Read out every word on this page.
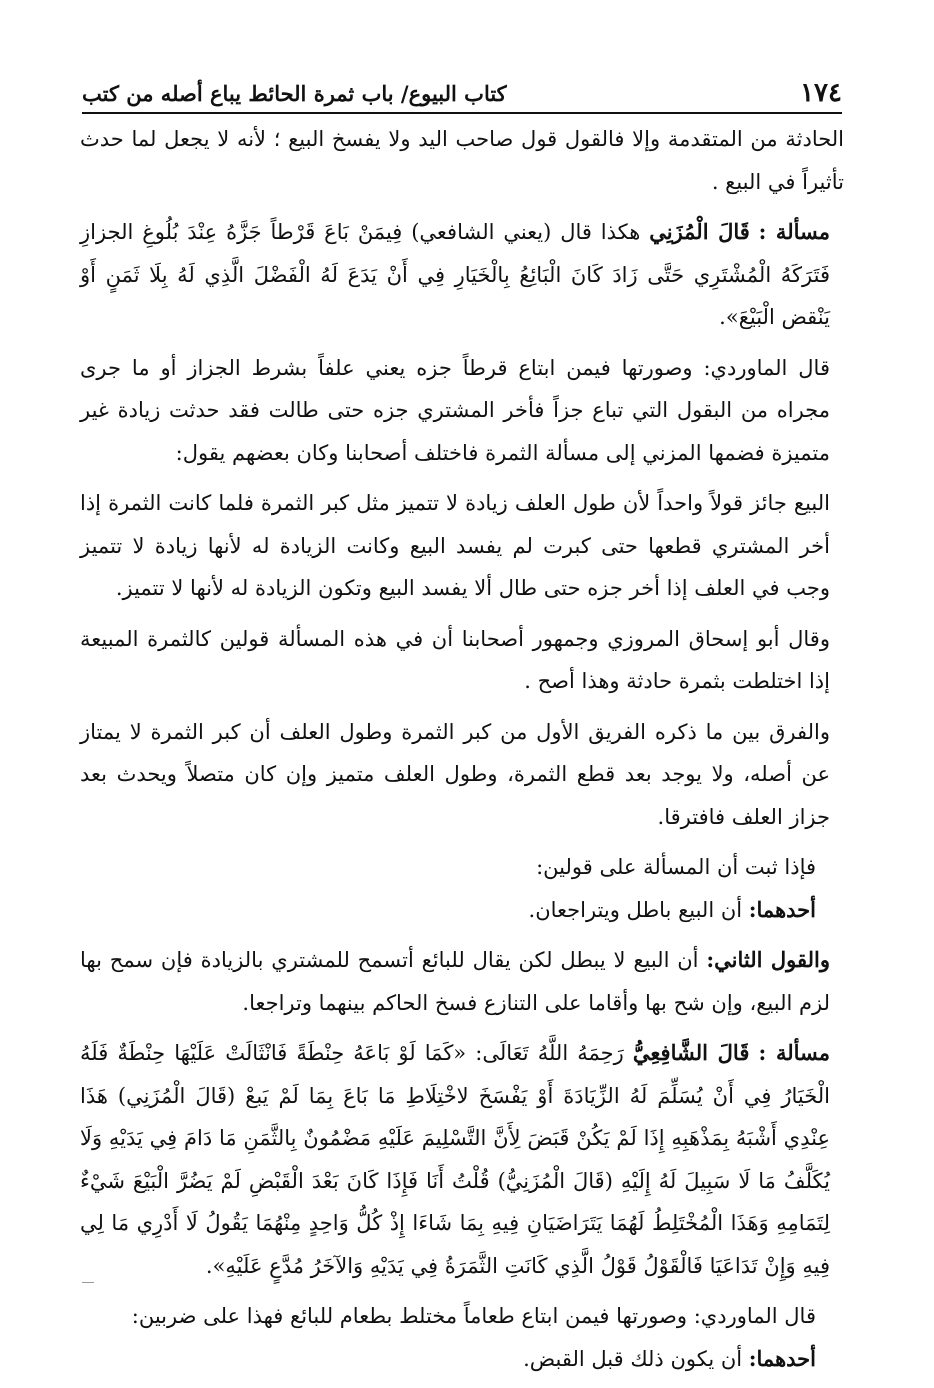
١٧٤
كتاب البيوع/ باب ثمرة الحائط يباع أصله من كتب

الحادثة من المتقدمة وإلا فالقول قول صاحب اليد ولا يفسخ البيع ؛ لأنه لا يجعل لما حدث تأثيراً في البيع .

مسألة : قَالَ الْمُزَنِي هكذا قال (يعني الشافعي) فِيمَنْ بَاعَ قَرْطاً جَزَّهُ عِنْدَ بُلُوغِ الجزازِ فَتَرَكَهُ الْمُشْتَرِي حَتَّى زَادَ كَانَ الْبَائِعُ بِالْخَيَارِ فِي أَنْ يَدَعَ لَهُ الْفَضْلَ الَّذِي لَهُ بِلَا ثَمَنٍ أَوْ يَنْقض الْبَيْعَ».

قال الماوردي: وصورتها فيمن ابتاع قرطاً جزه يعني علفاً بشرط الجزاز أو ما جرى مجراه من البقول التي تباع جزاً فأخر المشتري جزه حتى طالت فقد حدثت زيادة غير متميزة فضمها المزني إلى مسألة الثمرة فاختلف أصحابنا وكان بعضهم يقول:

البيع جائز قولاً واحداً لأن طول العلف زيادة لا تتميز مثل كبر الثمرة فلما كانت الثمرة إذا أخر المشتري قطعها حتى كبرت لم يفسد البيع وكانت الزيادة له لأنها زيادة لا تتميز وجب في العلف إذا أخر جزه حتى طال ألا يفسد البيع وتكون الزيادة له لأنها لا تتميز.

وقال أبو إسحاق المروزي وجمهور أصحابنا أن في هذه المسألة قولين كالثمرة المبيعة إذا اختلطت بثمرة حادثة وهذا أصح .

والفرق بين ما ذكره الفريق الأول من كبر الثمرة وطول العلف أن كبر الثمرة لا يمتاز عن أصله، ولا يوجد بعد قطع الثمرة، وطول العلف متميز وإن كان متصلاً ويحدث بعد جزاز العلف فافترقا.

فإذا ثبت أن المسألة على قولين:
أحدهما: أن البيع باطل ويتراجعان.

والقول الثاني: أن البيع لا يبطل لكن يقال للبائع أتسمح للمشتري بالزيادة فإن سمح بها لزم البيع، وإن شح بها وأقاما على التنازع فسخ الحاكم بينهما وتراجعا.

مسألة : قَالَ الشَّافِعِيُّ رَحِمَهُ اللَّهُ تَعَالَى: «كَمَا لَوْ بَاعَهُ حِنْطَةً فَانْثَالَتْ عَلَيْهَا حِنْطَةٌ فَلَهُ الْخَيَارُ فِي أَنْ يُسَلِّمَ لَهُ الزِّيَادَةَ أَوْ يَفْسَخَ لاخْتِلَاطِ مَا بَاعَ بِمَا لَمْ يَبعْ (قَالَ الْمُزَنِي) هَذَا عِنْدِي أَشْبَهُ بِمَذْهَبِهِ إِذَا لَمْ يَكُنْ قَبَضَ لِأَنَّ التَّسْلِيمَ عَلَيْهِ مَضْمُونٌ بِالثَّمَنِ مَا دَامَ فِي يَدَيْهِ وَلَا يُكَلَّفُ مَا لَا سَبِيلَ لَهُ إِلَيْهِ (قَالَ الْمُزَنِيُّ) قُلْتُ أَنَا فَإِذَا كَانَ بَعْدَ الْقَبْضِ لَمْ يَضُرَّ الْبَيْعَ شَيْءٌ لِتَمَامِهِ وَهَذَا الْمُخْتَلِطُ لَهُمَا يَتَرَاضَيَانِ فِيهِ بِمَا شَاءَا إِذْ كُلُّ وَاحِدٍ مِنْهُمَا يَقُولُ لَا أَدْرِي مَا لِي فِيهِ وَإِنْ تَدَاعَيَا فَالْقَوْلُ قَوْلُ الَّذِي كَانَتِ الثَّمَرَةُ فِي يَدَيْهِ وَالآخَرُ مُدَّعٍ عَلَيْهِ».

قال الماوردي: وصورتها فيمن ابتاع طعاماً مختلط بطعام للبائع فهذا على ضربين:
أحدهما: أن يكون ذلك قبل القبض.
